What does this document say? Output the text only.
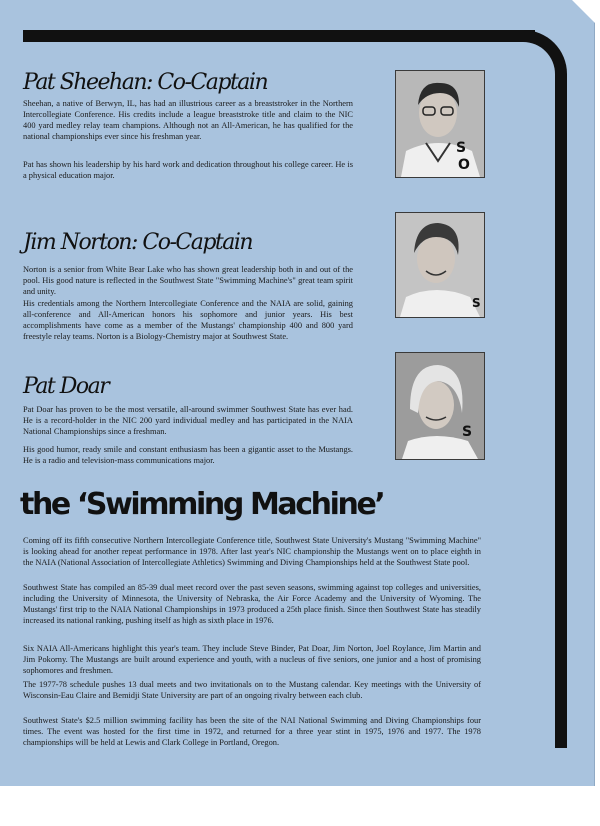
Pat Sheehan: Co-Captain

Sheehan, a native of Berwyn, IL, has had an illustrious career as a breaststroker in the Northern Intercollegiate Conference. His credits include a league breaststroke title and claim to the NIC 400 yard medley relay team champions. Although not an All-American, he has qualified for the national championships ever since his freshman year.

Pat has shown his leadership by his hard work and dedication throughout his college career. He is a physical education major.

S
O
Jim Norton: Co-Captain

Norton is a senior from White Bear Lake who has shown great leadership both in and out of the pool. His good nature is reflected in the Southwest State "Swimming Machine's" great team spirit and unity.

His credentials among the Northern Intercollegiate Conference and the NAIA are solid, gaining all-conference and All-American honors his sophomore and junior years. His best accomplishments have come as a member of the Mustangs' championship 400 and 800 yard freestyle relay teams. Norton is a Biology-Chemistry major at Southwest State.

S
Pat Doar

Pat Doar has proven to be the most versatile, all-around swimmer Southwest State has ever had. He is a record-holder in the NIC 200 yard individual medley and has participated in the NAIA National Championships since a freshman.

His good humor, ready smile and constant enthusiasm has been a gigantic asset to the Mustangs. He is a radio and television-mass communications major.

S
the ‘Swimming Machine’

Coming off its fifth consecutive Northern Intercollegiate Conference title, Southwest State University's Mustang "Swimming Machine" is looking ahead for another repeat performance in 1978. After last year's NIC championship the Mustangs went on to place eighth in the NAIA (National Association of Intercollegiate Athletics) Swimming and Diving Championships held at the Southwest State pool.

Southwest State has compiled an 85-39 dual meet record over the past seven seasons, swimming against top colleges and universities, including the University of Minnesota, the University of Nebraska, the Air Force Academy and the University of Wyoming. The Mustangs' first trip to the NAIA National Championships in 1973 produced a 25th place finish. Since then Southwest State has steadily increased its national ranking, pushing itself as high as sixth place in 1976.

Six NAIA All-Americans highlight this year's team. They include Steve Binder, Pat Doar, Jim Norton, Joel Roylance, Jim Martin and Jim Pokorny. The Mustangs are built around experience and youth, with a nucleus of five seniors, one junior and a host of promising sophomores and freshmen.

The 1977-78 schedule pushes 13 dual meets and two invitationals on to the Mustang calendar. Key meetings with the University of Wisconsin-Eau Claire and Bemidji State University are part of an ongoing rivalry between each club.

Southwest State's $2.5 million swimming facility has been the site of the NAI National Swimming and Diving Championships four times. The event was hosted for the first time in 1972, and returned for a three year stint in 1975, 1976 and 1977. The 1978 championships will be held at Lewis and Clark College in Portland, Oregon.
